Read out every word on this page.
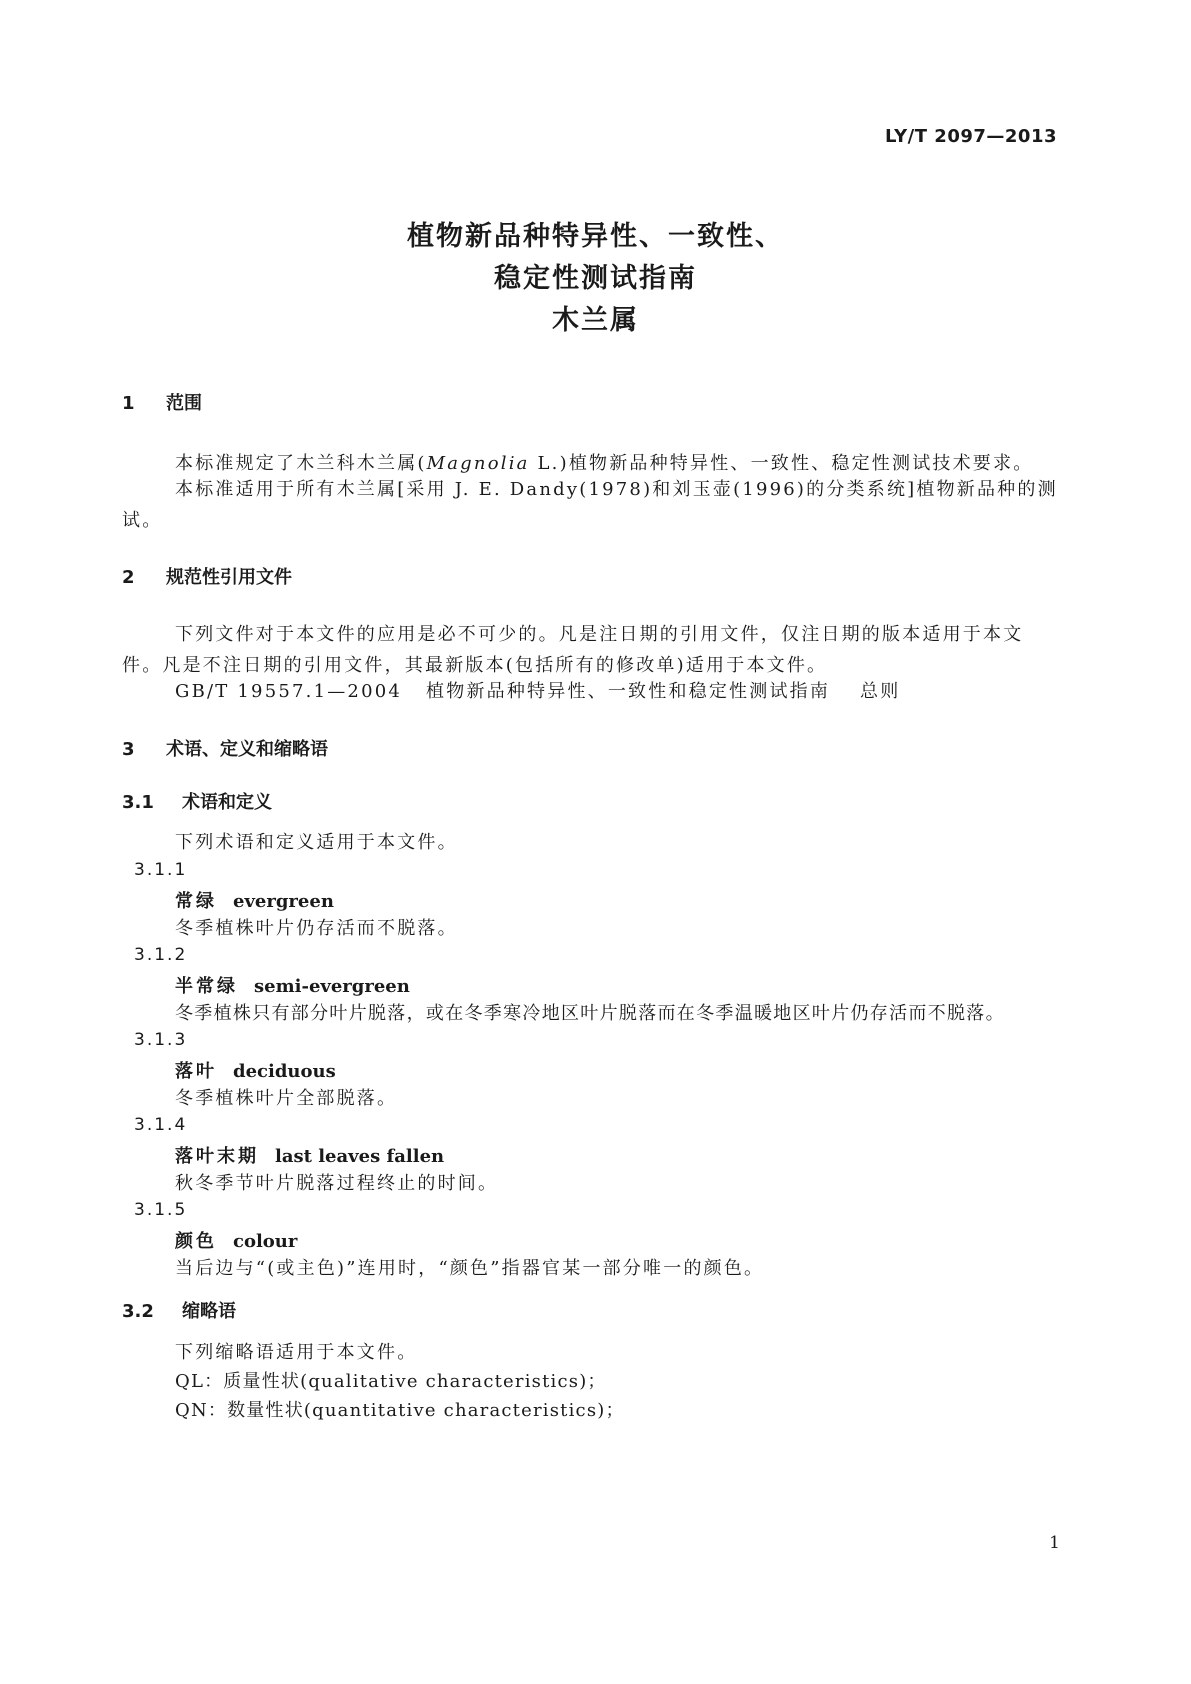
LY/T 2097—2013
植物新品种特异性、一致性、
稳定性测试指南
木兰属
1 范围
本标准规定了木兰科木兰属(Magnolia L.)植物新品种特异性、一致性、稳定性测试技术要求。
本标准适用于所有木兰属[采用 J. E. Dandy(1978)和刘玉壶(1996)的分类系统]植物新品种的测试。
2 规范性引用文件
下列文件对于本文件的应用是必不可少的。凡是注日期的引用文件，仅注日期的版本适用于本文件。凡是不注日期的引用文件，其最新版本(包括所有的修改单)适用于本文件。
GB/T 19557.1—2004 植物新品种特异性、一致性和稳定性测试指南 总则
3 术语、定义和缩略语
3.1 术语和定义
下列术语和定义适用于本文件。
3.1.1
常绿 evergreen
冬季植株叶片仍存活而不脱落。
3.1.2
半常绿 semi-evergreen
冬季植株只有部分叶片脱落，或在冬季寒冷地区叶片脱落而在冬季温暖地区叶片仍存活而不脱落。
3.1.3
落叶 deciduous
冬季植株叶片全部脱落。
3.1.4
落叶末期 last leaves fallen
秋冬季节叶片脱落过程终止的时间。
3.1.5
颜色 colour
当后边与“(或主色)”连用时，“颜色”指器官某一部分唯一的颜色。
3.2 缩略语
下列缩略语适用于本文件。
QL：质量性状(qualitative characteristics)；
QN：数量性状(quantitative characteristics)；
1
